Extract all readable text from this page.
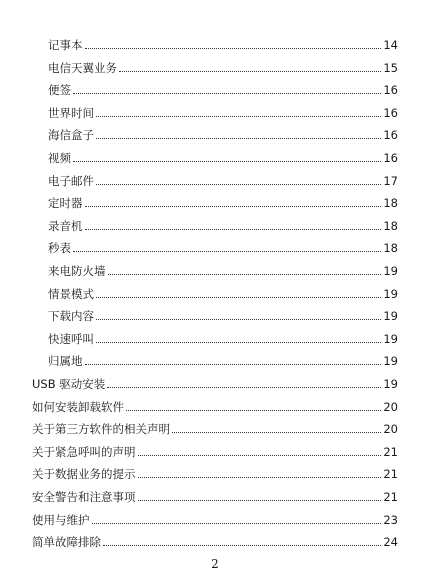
记事本	14
电信天翼业务	15
便签	16
世界时间	16
海信盒子	16
视频	16
电子邮件	17
定时器	18
录音机	18
秒表	18
来电防火墙	19
情景模式	19
下载内容	19
快速呼叫	19
归属地	19
USB 驱动安装	19
如何安装卸载软件	20
关于第三方软件的相关声明	20
关于紧急呼叫的声明	21
关于数据业务的提示	21
安全警告和注意事项	21
使用与维护	23
简单故障排除	24
2
